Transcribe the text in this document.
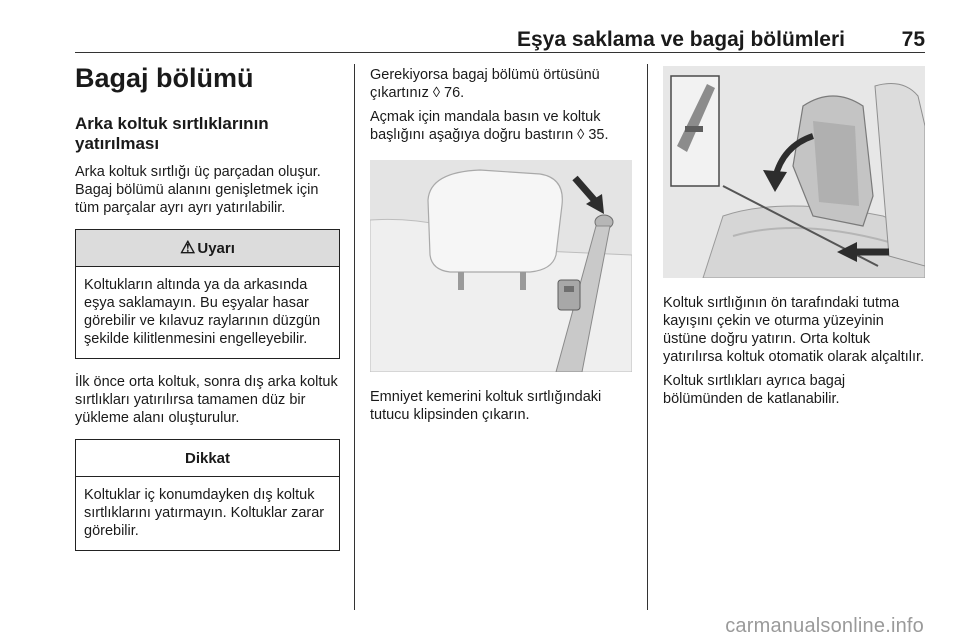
Eşya saklama ve bagaj bölümleri	75
Bagaj bölümü
Arka koltuk sırtlıklarının yatırılması

Arka koltuk sırtlığı üç parçadan oluşur. Bagaj bölümü alanını genişletmek için tüm parçalar ayrı ayrı yatırılabilir.

⚠ Uyarı
Koltukların altında ya da arkasında eşya saklamayın. Bu eşyalar hasar görebilir ve kılavuz raylarının düzgün şekilde kilitlenmesini engelleyebilir.

İlk önce orta koltuk, sonra dış arka koltuk sırtlıkları yatırılırsa tamamen düz bir yükleme alanı oluşturulur.

Dikkat
Koltuklar iç konumdayken dış koltuk sırtlıklarını yatırmayın. Koltuklar zarar görebilir.

Gerekiyorsa bagaj bölümü örtüsünü çıkartınız ◊ 76.

Açmak için mandala basın ve koltuk başlığını aşağıya doğru bastırın ◊ 35.

Emniyet kemerini koltuk sırtlığındaki tutucu klipsinden çıkarın.

Koltuk sırtlığının ön tarafındaki tutma kayışını çekin ve oturma yüzeyinin üstüne doğru yatırın. Orta koltuk yatırılırsa koltuk otomatik olarak alçaltılır.

Koltuk sırtlıkları ayrıca bagaj bölümünden de katlanabilir.

carmanualsonline.info
